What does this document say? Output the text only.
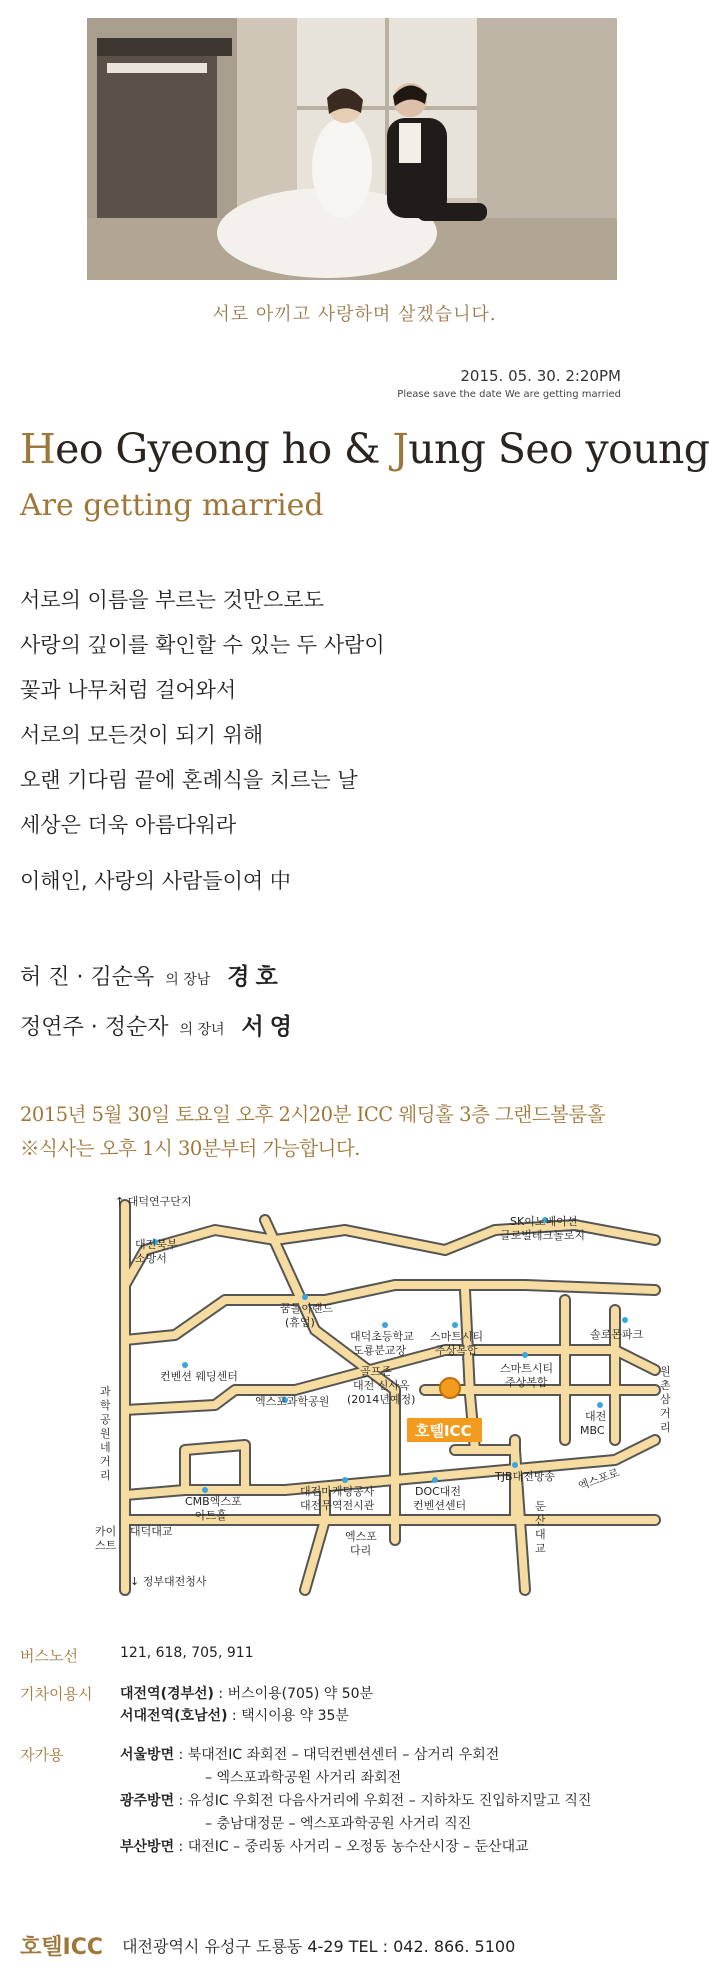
서로 아끼고 사랑하며 살겠습니다.
2015. 05. 30. 2:20PM
Please save the date We are getting married
Heo Gyeong ho & Jung Seo young
Are getting married
서로의 이름을 부르는 것만으로도
사랑의 깊이를 확인할 수 있는 두 사람이
꽃과 나무처럼 걸어와서
서로의 모든것이 되기 위해
오랜 기다림 끝에 혼례식을 치르는 날
세상은 더욱 아름다워라
이해인, 사랑의 사람들이여 中
허 진 · 김순옥 의 장남 경호
정연주 · 정순자 의 장녀 서영
2015년 5월 30일 토요일 오후 2시20분 ICC 웨딩홀 3층 그랜드볼룸홀
※식사는 오후 1시 30분부터 가능합니다.
호텔ICC
↑ 대덕연구단지
대전북부
소방서
SK이노베이션
글로벌테크놀로지
꿈돌이랜드
(휴업)
대덕초등학교
도룡분교장
스마트시티
주상복합
솔로몬파크
컨벤션 웨딩센터
스마트시티
주상복합
골프존
대전 신사옥
(2014년예정)
원
촌
삼
거
리
엑스포과학공원
대전
MBC
과
학
공
원
네
거
리	TJB대전방송 엑스포로
CMB엑스포
아트홀
대전마케팅공사
대전무역전시관
DOC대전
컨벤션센터
카이
스트
대덕대교	엑스포
다리
둔
산
대
교
↓ 정부대전청사
버스노선	121, 618, 705, 911
기차이용시 대전역(경부선) : 버스이용(705) 약 50분
서대전역(호남선) : 택시이용 약 35분
자가용	서울방면 : 북대전IC 좌회전 – 대덕컨벤션센터 – 삼거리 우회전
– 엑스포과학공원 사거리 좌회전
광주방면 : 유성IC 우회전 다음사거리에 우회전 – 지하차도 진입하지말고 직진
– 충남대정문 – 엑스포과학공원 사거리 직진
부산방면 : 대전IC – 중리동 사거리 – 오정동 농수산시장 – 둔산대교
호텔ICC 대전광역시 유성구 도룡동 4-29 TEL : 042. 866. 5100
